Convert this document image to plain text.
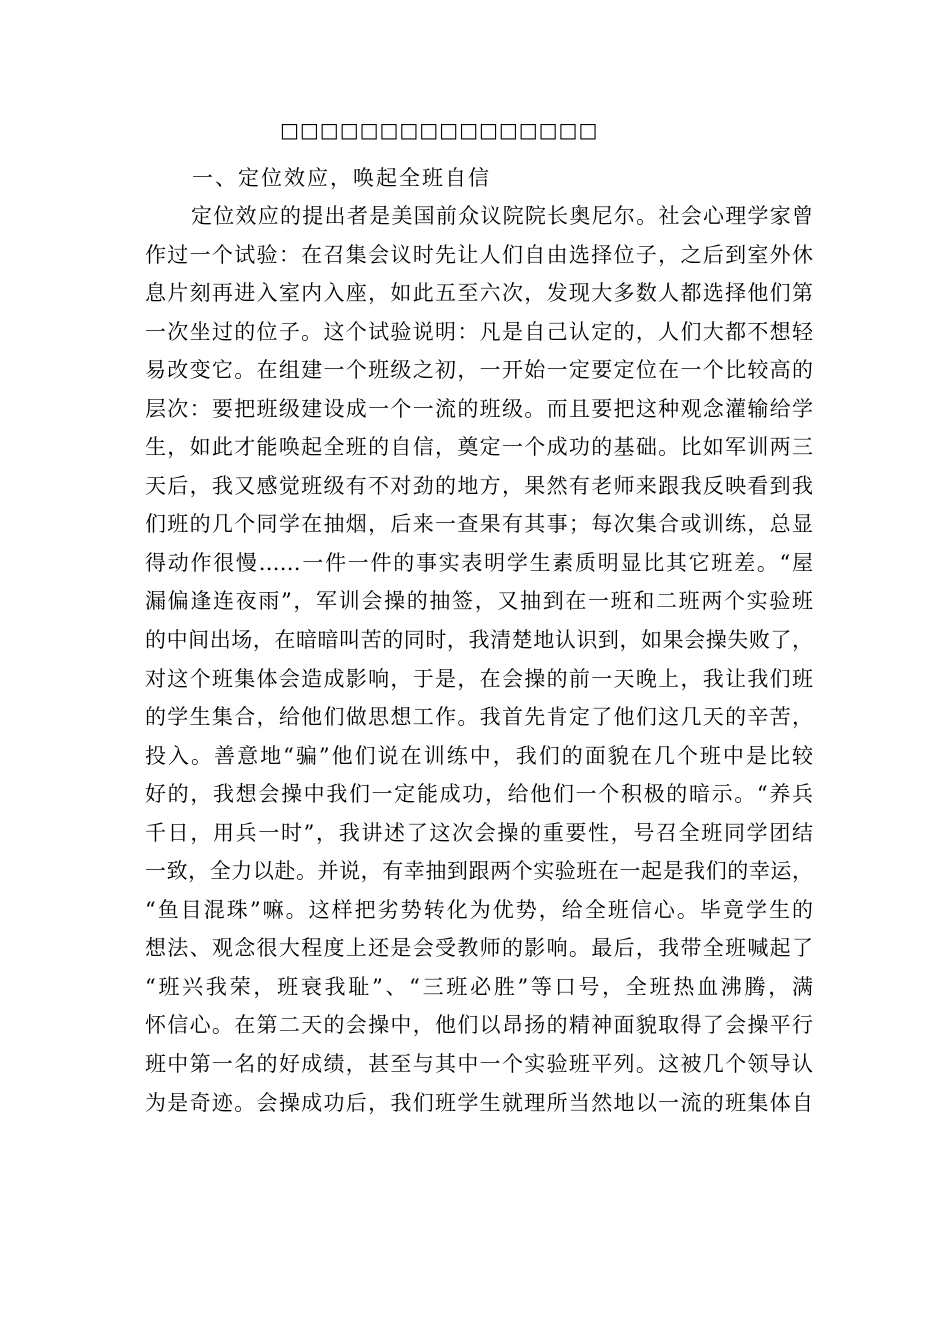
□□□□□□□□□□□□□□□□
一、定位效应，唤起全班自信
定位效应的提出者是美国前众议院院长奥尼尔。社会心理学家曾
作过一个试验：在召集会议时先让人们自由选择位子，之后到室外休
息片刻再进入室内入座，如此五至六次，发现大多数人都选择他们第
一次坐过的位子。这个试验说明：凡是自己认定的，人们大都不想轻
易改变它。在组建一个班级之初，一开始一定要定位在一个比较高的
层次：要把班级建设成一个一流的班级。而且要把这种观念灌输给学
生，如此才能唤起全班的自信，奠定一个成功的基础。比如军训两三
天后，我又感觉班级有不对劲的地方，果然有老师来跟我反映看到我
们班的几个同学在抽烟，后来一查果有其事；每次集合或训练，总显
得动作很慢……一件一件的事实表明学生素质明显比其它班差。“屋
漏偏逢连夜雨”，军训会操的抽签，又抽到在一班和二班两个实验班
的中间出场，在暗暗叫苦的同时，我清楚地认识到，如果会操失败了，
对这个班集体会造成影响，于是，在会操的前一天晚上，我让我们班
的学生集合，给他们做思想工作。我首先肯定了他们这几天的辛苦，
投入。善意地“骗”他们说在训练中，我们的面貌在几个班中是比较
好的，我想会操中我们一定能成功，给他们一个积极的暗示。“养兵
千日，用兵一时”，我讲述了这次会操的重要性，号召全班同学团结
一致，全力以赴。并说，有幸抽到跟两个实验班在一起是我们的幸运，
“鱼目混珠”嘛。这样把劣势转化为优势，给全班信心。毕竟学生的
想法、观念很大程度上还是会受教师的影响。最后，我带全班喊起了
“班兴我荣，班衰我耻”、“三班必胜”等口号，全班热血沸腾，满
怀信心。在第二天的会操中，他们以昂扬的精神面貌取得了会操平行
班中第一名的好成绩，甚至与其中一个实验班平列。这被几个领导认
为是奇迹。会操成功后，我们班学生就理所当然地以一流的班集体自
